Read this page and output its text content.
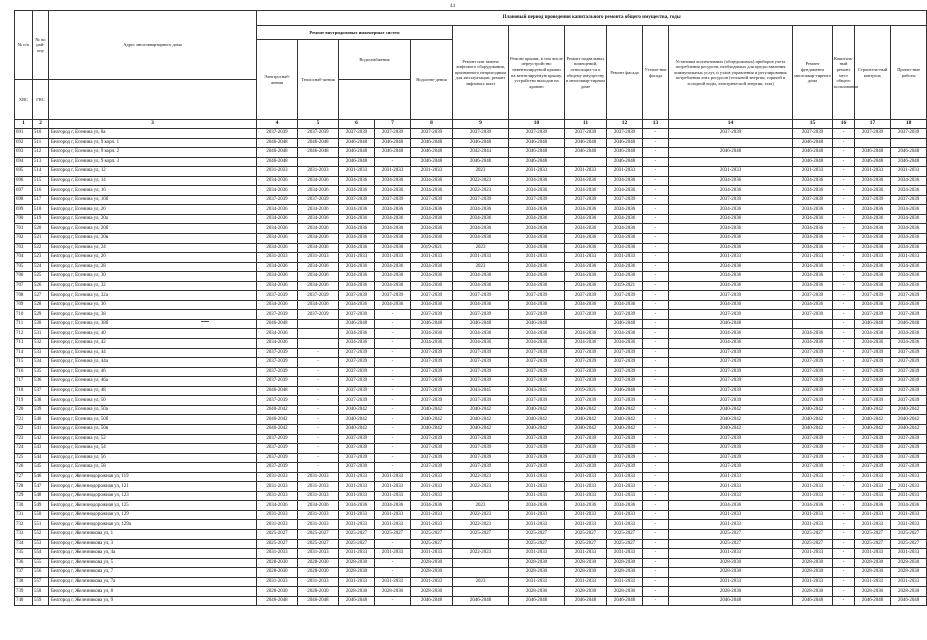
44
№ п/п	№ по рай-ону	Адрес многоквартирного дома	Плановый период проведения капитального ремонта общего имущества, годы														
			Ремонт внутридомовых инженерных систем					Ремонт или замена лифтового оборудования, признанного непригодным для эксплуатации, ремонт лифтовых шахт	Ремонт крыши, в том числе переустройство невентилируемой крыши на вентилируемую крышу, устройство выходов на кровлю	Ремонт подвальных помещений, относящих-ся к общему имуществу в многоквар-тирном доме	Ремонт фасада	Утепле-ние фасада	Установка коллективных (общедомовых) приборов учета потребления ресурсов, необходимых для предоставления коммунальных услуг, и узлов управления и регулирования потребления этих ресурсов (тепловой энергии, горячей и холодной воды, электрической энергии, газа)	Ремонт фундамента многоквар-тирного дома	Капиталь-ный ремонт мест общего пользования	Строитель-ный контроль	Проект-ные работы
			Электроснаб-жения	Теплоснаб-жения	Водоснабжения		Водоотве-дения										
ХВС	ГВС																
1	2	3	4	5	6	7	8	9	10	11	12	13	14	15	16	17	18
691	510	Белгород г, Есенина ул, 8а	2037-2039	2037-2039	2037-2039	2037-2039	2037-2039	2037-2039	2037-2039	2037-2039	2037-2039	-	2037-2039	2037-2039	-	2037-2039	2037-2039
692	511	Белгород г, Есенина ул, 9 корп. 1	2046-2048	2046-2048	2046-2048	2046-2048	2046-2048	2046-2048	2046-2048	2046-2048	2046-2048	-		2046-2048	-		
693	512	Белгород г, Есенина ул, 9 корп. 2	2046-2048	2046-2048	2046-2048	2046-2048	2046-2048	2042-2044	2046-2048	2046-2048	2046-2048	-	2046-2048	2046-2048	-	2046-2048	2046-2048
694	513	Белгород г, Есенина ул, 9 корп. 3	2046-2048		2046-2048	-	2046-2048	2046-2048	2046-2048		2046-2048	-		2046-2048	-	2046-2048	2046-2048
695	514	Белгород г, Есенина ул, 12	2031-2033	2031-2033	2031-2033	2031-2033	2031-2033	2023	2031-2033	2031-2033	2031-2033	-	2031-2033	2031-2033	-	2031-2033	2031-2033
696	515	Белгород г, Есенина ул, 14	2034-2036	2034-2036	2034-2036	2034-2036	2034-2036	2022-2023	2034-2036	2034-2036	2034-2036	-	2034-2036	2034-2036	-	2034-2036	2034-2036
697	516	Белгород г, Есенина ул, 16	2034-2036	2034-2036	2034-2036	2034-2036	2034-2036	2022-2023	2034-2036	2034-2036	2034-2036	-	2034-2036	2034-2036	-	2034-2036	2034-2036
698	517	Белгород г, Есенина ул, 16б	2037-2039	2037-2039	2037-2039	2037-2039	2037-2039	2037-2039	2037-2039	2037-2039	2037-2039	-	2037-2039	2037-2039	-	2037-2039	2037-2039
699	518	Белгород г, Есенина ул, 20	2034-2036	2034-2036	2034-2036	2034-2036	2034-2036	2034-2036	2034-2036	2034-2036	2034-2036	-	2034-2036	2034-2036	-	2034-2036	2034-2036
700	519	Белгород г, Есенина ул, 20а	2034-2036	2034-2036	2034-2036	2034-2036	2034-2036	2034-2036	2034-2036	2034-2036	2034-2036	-	2034-2036	2034-2036	-	2034-2036	2034-2036
701	520	Белгород г, Есенина ул, 20б	2034-2036	2034-2036	2034-2036	2034-2036	2034-2036	2034-2036	2034-2036	2034-2036	2034-2036	-	2034-2036	2034-2036	-	2034-2036	2034-2036
702	521	Белгород г, Есенина ул, 20в	2034-2036	2034-2036	2034-2036	2034-2036	2034-2036	2034-2036	2034-2036	2034-2036	2034-2036	-	2034-2036	2034-2036	-	2034-2036	2034-2036
703	522	Белгород г, Есенина ул, 24	2034-2036	2034-2036	2034-2036	2034-2036	2019-2021	2023	2034-2036	2034-2036	2034-2036	-	2034-2036	2034-2036	-	2034-2036	2034-2036
704	523	Белгород г, Есенина ул, 26	2031-2033	2031-2033	2031-2033	2031-2033	2031-2033	2031-2033	2031-2033	2031-2033	2031-2033	-	2031-2033	2031-2033	-	2031-2033	2031-2033
705	524	Белгород г, Есенина ул, 28	2034-2036	2034-2036	2034-2036	2034-2036	2034-2036	2023	2034-2036	2034-2036	2034-2036	-	2034-2036	2034-2036	-	2034-2036	2034-2036
706	525	Белгород г, Есенина ул, 30	2034-2036	2034-2036	2034-2036	2034-2036	2034-2036	2034-2036	2034-2036	2034-2036	2034-2036	-	2034-2036	2034-2036	-	2034-2036	2034-2036
707	526	Белгород г, Есенина ул, 32	2034-2036	2034-2036	2034-2036	2034-2036	2034-2036	2034-2036	2034-2036	2034-2036	2019-2021	-	2034-2036	2034-2036	-	2034-2036	2034-2036
708	527	Белгород г, Есенина ул, 32а	2037-2039	2037-2039	2037-2039	2037-2039	2037-2039	2037-2039	2037-2039	2037-2039	2037-2039	-	2037-2039	2037-2039	-	2037-2039	2037-2039
709	528	Белгород г, Есенина ул, 36	2034-2036	2034-2036	2034-2036	2034-2036	2034-2036	2034-2036	2034-2036	2034-2036	2034-2036	-	2034-2036	2034-2036	-	2034-2036	2034-2036
710	529	Белгород г, Есенина ул, 38	2037-2039	2037-2039	2037-2039	-	2037-2039	2037-2039	2037-2039	2037-2039	2037-2039	-	2037-2039	2037-2039	-	2037-2039	2037-2039
711	530	Белгород г, Есенина ул, 38б	2046-2048		2046-2048	-	2046-2048	2046-2048	2046-2048		2046-2048	-	2046-2048		-	2046-2048	2046-2048
712	531	Белгород г, Есенина ул, 40	2034-2036		2034-2036	-	2034-2036	2034-2036	2034-2036	2034-2036	2034-2036	-	2034-2036	2034-2036	-	2034-2036	2034-2036
713	532	Белгород г, Есенина ул, 42	2034-2036		2034-2036	-	2034-2036	2034-2036	2034-2036	2034-2036	2034-2036	-	2034-2036	2034-2036	-	2034-2036	2034-2036
714	533	Белгород г, Есенина ул, 44	2037-2039	-	2037-2039	-	2037-2039	2037-2039	2037-2039	2037-2039	2037-2039	-	2037-2039	2037-2039	-	2037-2039	2037-2039
715	534	Белгород г, Есенина ул, 44а	2037-2039	-	2037-2039	-	2037-2039	2037-2039	2037-2039	2037-2039	2037-2039	-	2037-2039	2037-2039	-	2037-2039	2037-2039
716	535	Белгород г, Есенина ул, 46	2037-2039	-	2037-2039	-	2037-2039	2037-2039	2037-2039	2037-2039	2037-2039	-	2037-2039	2037-2039	-	2037-2039	2037-2039
717	536	Белгород г, Есенина ул, 46а	2037-2039	-	2037-2039	-	2037-2039	2037-2039	2037-2039	2037-2039	2037-2039	-	2037-2039	2037-2039	-	2037-2039	2037-2039
718	537	Белгород г, Есенина ул, 48	2046-2048	-	2037-2039	-	2037-2039	2043-2045	2043-2045	2019-2021	2046-2048	-	2037-2039	2037-2039	-	2037-2039	2037-2039
719	538	Белгород г, Есенина ул, 50	2037-2039	-	2037-2039	-	2037-2039	2037-2039	2037-2039	2037-2039	2037-2039	-	2037-2039	2037-2039	-	2037-2039	2037-2039
720	539	Белгород г, Есенина ул, 50а	2040-2042	-	2040-2042	-	2040-2042	2040-2042	2040-2042	2040-2042	2040-2042	-	2040-2042	2040-2042	-	2040-2042	2040-2042
721	540	Белгород г, Есенина ул, 50б	2040-2042	-	2040-2042	-	2040-2042	2040-2042	2040-2042	2040-2042	2040-2042	-	2040-2042	2040-2042	-	2040-2042	2040-2042
722	541	Белгород г, Есенина ул, 50в	2040-2042	-	2040-2042	-	2040-2042	2040-2042	2040-2042	2040-2042	2040-2042	-	2040-2042	2040-2042	-	2040-2042	2040-2042
723	542	Белгород г, Есенина ул, 52	2037-2039	-	2037-2039	-	2037-2039	2037-2039	2037-2039	2037-2039	2037-2039	-	2037-2039	2037-2039	-	2037-2039	2037-2039
724	543	Белгород г, Есенина ул, 54	2037-2039	-	2037-2039	-	2037-2039	2037-2039	2037-2039	2037-2039	2037-2039	-	2037-2039	2037-2039	-	2037-2039	2037-2039
725	544	Белгород г, Есенина ул, 56	2037-2039	-	2037-2039	-	2037-2039	2037-2039	2037-2039	2037-2039	2037-2039	-	2037-2039	2037-2039	-	2037-2039	2037-2039
726	545	Белгород г, Есенина ул, 58	2037-2039	-	2037-2039	-	2037-2039	2037-2039	2037-2039	2037-2039	2037-2039	-	2037-2039	2037-2039	-	2037-2039	2037-2039
727	546	Белгород г, Железнодорожная ул, 119	2031-2033	2031-2033	2031-2033	2031-2033	2031-2033	2022-2023	2031-2033	2031-2033	2031-2033	-	2031-2033	2031-2033	-	2031-2033	2031-2033
728	547	Белгород г, Железнодорожная ул, 121	2031-2033	2031-2033	2031-2033	2031-2033	2031-2033	2022-2023	2031-2033	2031-2033	2031-2033	-	2031-2033	2031-2033	-	2031-2033	2031-2033
729	548	Белгород г, Железнодорожная ул, 123	2031-2033	2031-2033	2031-2033	2031-2033	2031-2033		2031-2033	2031-2033	2031-2033	-	2031-2033	2031-2033	-	2031-2033	2031-2033
730	549	Белгород г, Железнодорожная ул, 125	2034-2036	2034-2036	2034-2036	2034-2036	2034-2036	2023	2034-2036	2034-2036	2034-2036	-	2034-2036	2034-2036	-	2034-2036	2034-2036
731	550	Белгород г, Железнодорожная ул, 129	2031-2033	2031-2033	2031-2033	2031-2033	2031-2033	2022-2023	2031-2033	2031-2033	2031-2033	-	2031-2033	2031-2033	-	2031-2033	2031-2033
732	551	Белгород г, Железнодорожная ул, 129а	2031-2033	2031-2033	2031-2033	2031-2033	2031-2033	2022-2023	2031-2033	2031-2033	2031-2033	-	2031-2033	2031-2033	-	2031-2033	2031-2033
733	552	Белгород г, Железникова ул, 1	2025-2027	2025-2027	2025-2027	2025-2027	2025-2027	2025-2027	2025-2027	2025-2027	2025-2027	-	2025-2027	2025-2027	-	2025-2027	2025-2027
734	553	Белгород г, Железникова ул, 3	2025-2027	2025-2027	2025-2027	-	2025-2027		2025-2027	2025-2027	2025-2027	-	2025-2027	2025-2027	-	2025-2027	2025-2027
735	554	Белгород г, Железникова ул, 4а	2031-2033	2031-2033	2031-2033	2031-2033	2031-2033	2022-2023	2031-2033	2031-2033	2031-2033	-	2031-2033	2031-2033	-	2031-2033	2031-2033
736	555	Белгород г, Железникова ул, 5	2028-2030	2028-2030	2028-2030	-	2028-2030		2028-2030	2028-2030	2028-2030	-	2028-2030	2028-2030	-	2028-2030	2028-2030
737	556	Белгород г, Железникова ул, 7	2028-2030	2028-2030	2028-2030	-	2028-2030		2028-2030	2028-2030	2028-2030	-	2028-2030	2028-2030	-	2028-2030	2028-2030
738	557	Белгород г, Железникова ул, 7а	2031-2033	2031-2033	2031-2033	2031-2033	2031-2033	2023	2031-2033	2031-2033	2031-2033	-	2031-2033	2031-2033	-	2031-2033	2031-2033
739	558	Белгород г, Железникова ул, 8	2028-2030	2028-2030	2028-2030	2028-2030	2028-2030		2028-2030	2028-2030	2028-2030	-	2028-2030	2028-2030	-	2028-2030	2028-2030
740	559	Белгород г, Железникова ул, 9	2046-2048	2046-2048	2046-2048	-	2046-2048	2046-2048	2046-2048	2046-2048	2046-2048	-	2046-2048	2046-2048	-	2046-2048	2046-2048
